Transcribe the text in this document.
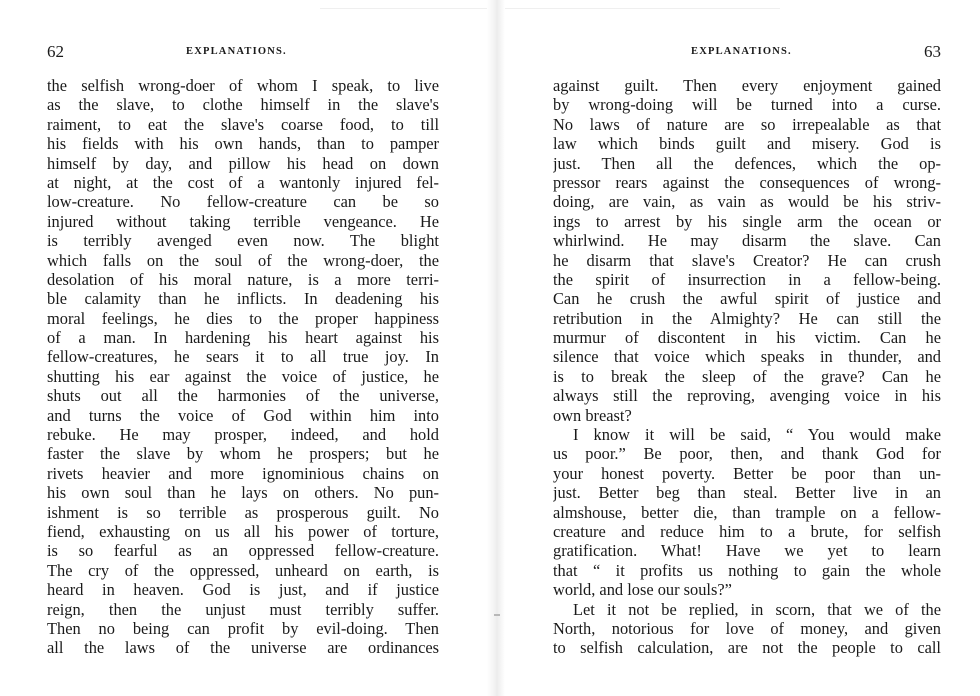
62	EXPLANATIONS.
the selfish wrong-doer of whom I speak, to live
as the slave, to clothe himself in the slave's
raiment, to eat the slave's coarse food, to till
his fields with his own hands, than to pamper
himself by day, and pillow his head on down
at night, at the cost of a wantonly injured fel-
low-creature. No fellow-creature can be so
injured without taking terrible vengeance. He
is terribly avenged even now. The blight
which falls on the soul of the wrong-doer, the
desolation of his moral nature, is a more terri-
ble calamity than he inflicts. In deadening his
moral feelings, he dies to the proper happiness
of a man. In hardening his heart against his
fellow-creatures, he sears it to all true joy. In
shutting his ear against the voice of justice, he
shuts out all the harmonies of the universe,
and turns the voice of God within him into
rebuke. He may prosper, indeed, and hold
faster the slave by whom he prospers; but he
rivets heavier and more ignominious chains on
his own soul than he lays on others. No pun-
ishment is so terrible as prosperous guilt. No
fiend, exhausting on us all his power of torture,
is so fearful as an oppressed fellow-creature.
The cry of the oppressed, unheard on earth, is
heard in heaven. God is just, and if justice
reign, then the unjust must terribly suffer.
Then no being can profit by evil-doing. Then
all the laws of the universe are ordinances
EXPLANATIONS.	63
against guilt. Then every enjoyment gained
by wrong-doing will be turned into a curse.
No laws of nature are so irrepealable as that
law which binds guilt and misery. God is
just. Then all the defences, which the op-
pressor rears against the consequences of wrong-
doing, are vain, as vain as would be his striv-
ings to arrest by his single arm the ocean or
whirlwind. He may disarm the slave. Can
he disarm that slave's Creator? He can crush
the spirit of insurrection in a fellow-being.
Can he crush the awful spirit of justice and
retribution in the Almighty? He can still the
murmur of discontent in his victim. Can he
silence that voice which speaks in thunder, and
is to break the sleep of the grave? Can he
always still the reproving, avenging voice in his
own breast?
I know it will be said, “ You would make
us poor.” Be poor, then, and thank God for
your honest poverty. Better be poor than un-
just. Better beg than steal. Better live in an
almshouse, better die, than trample on a fellow-
creature and reduce him to a brute, for selfish
gratification. What! Have we yet to learn
that “ it profits us nothing to gain the whole
world, and lose our souls?”
Let it not be replied, in scorn, that we of the
North, notorious for love of money, and given
to selfish calculation, are not the people to call
